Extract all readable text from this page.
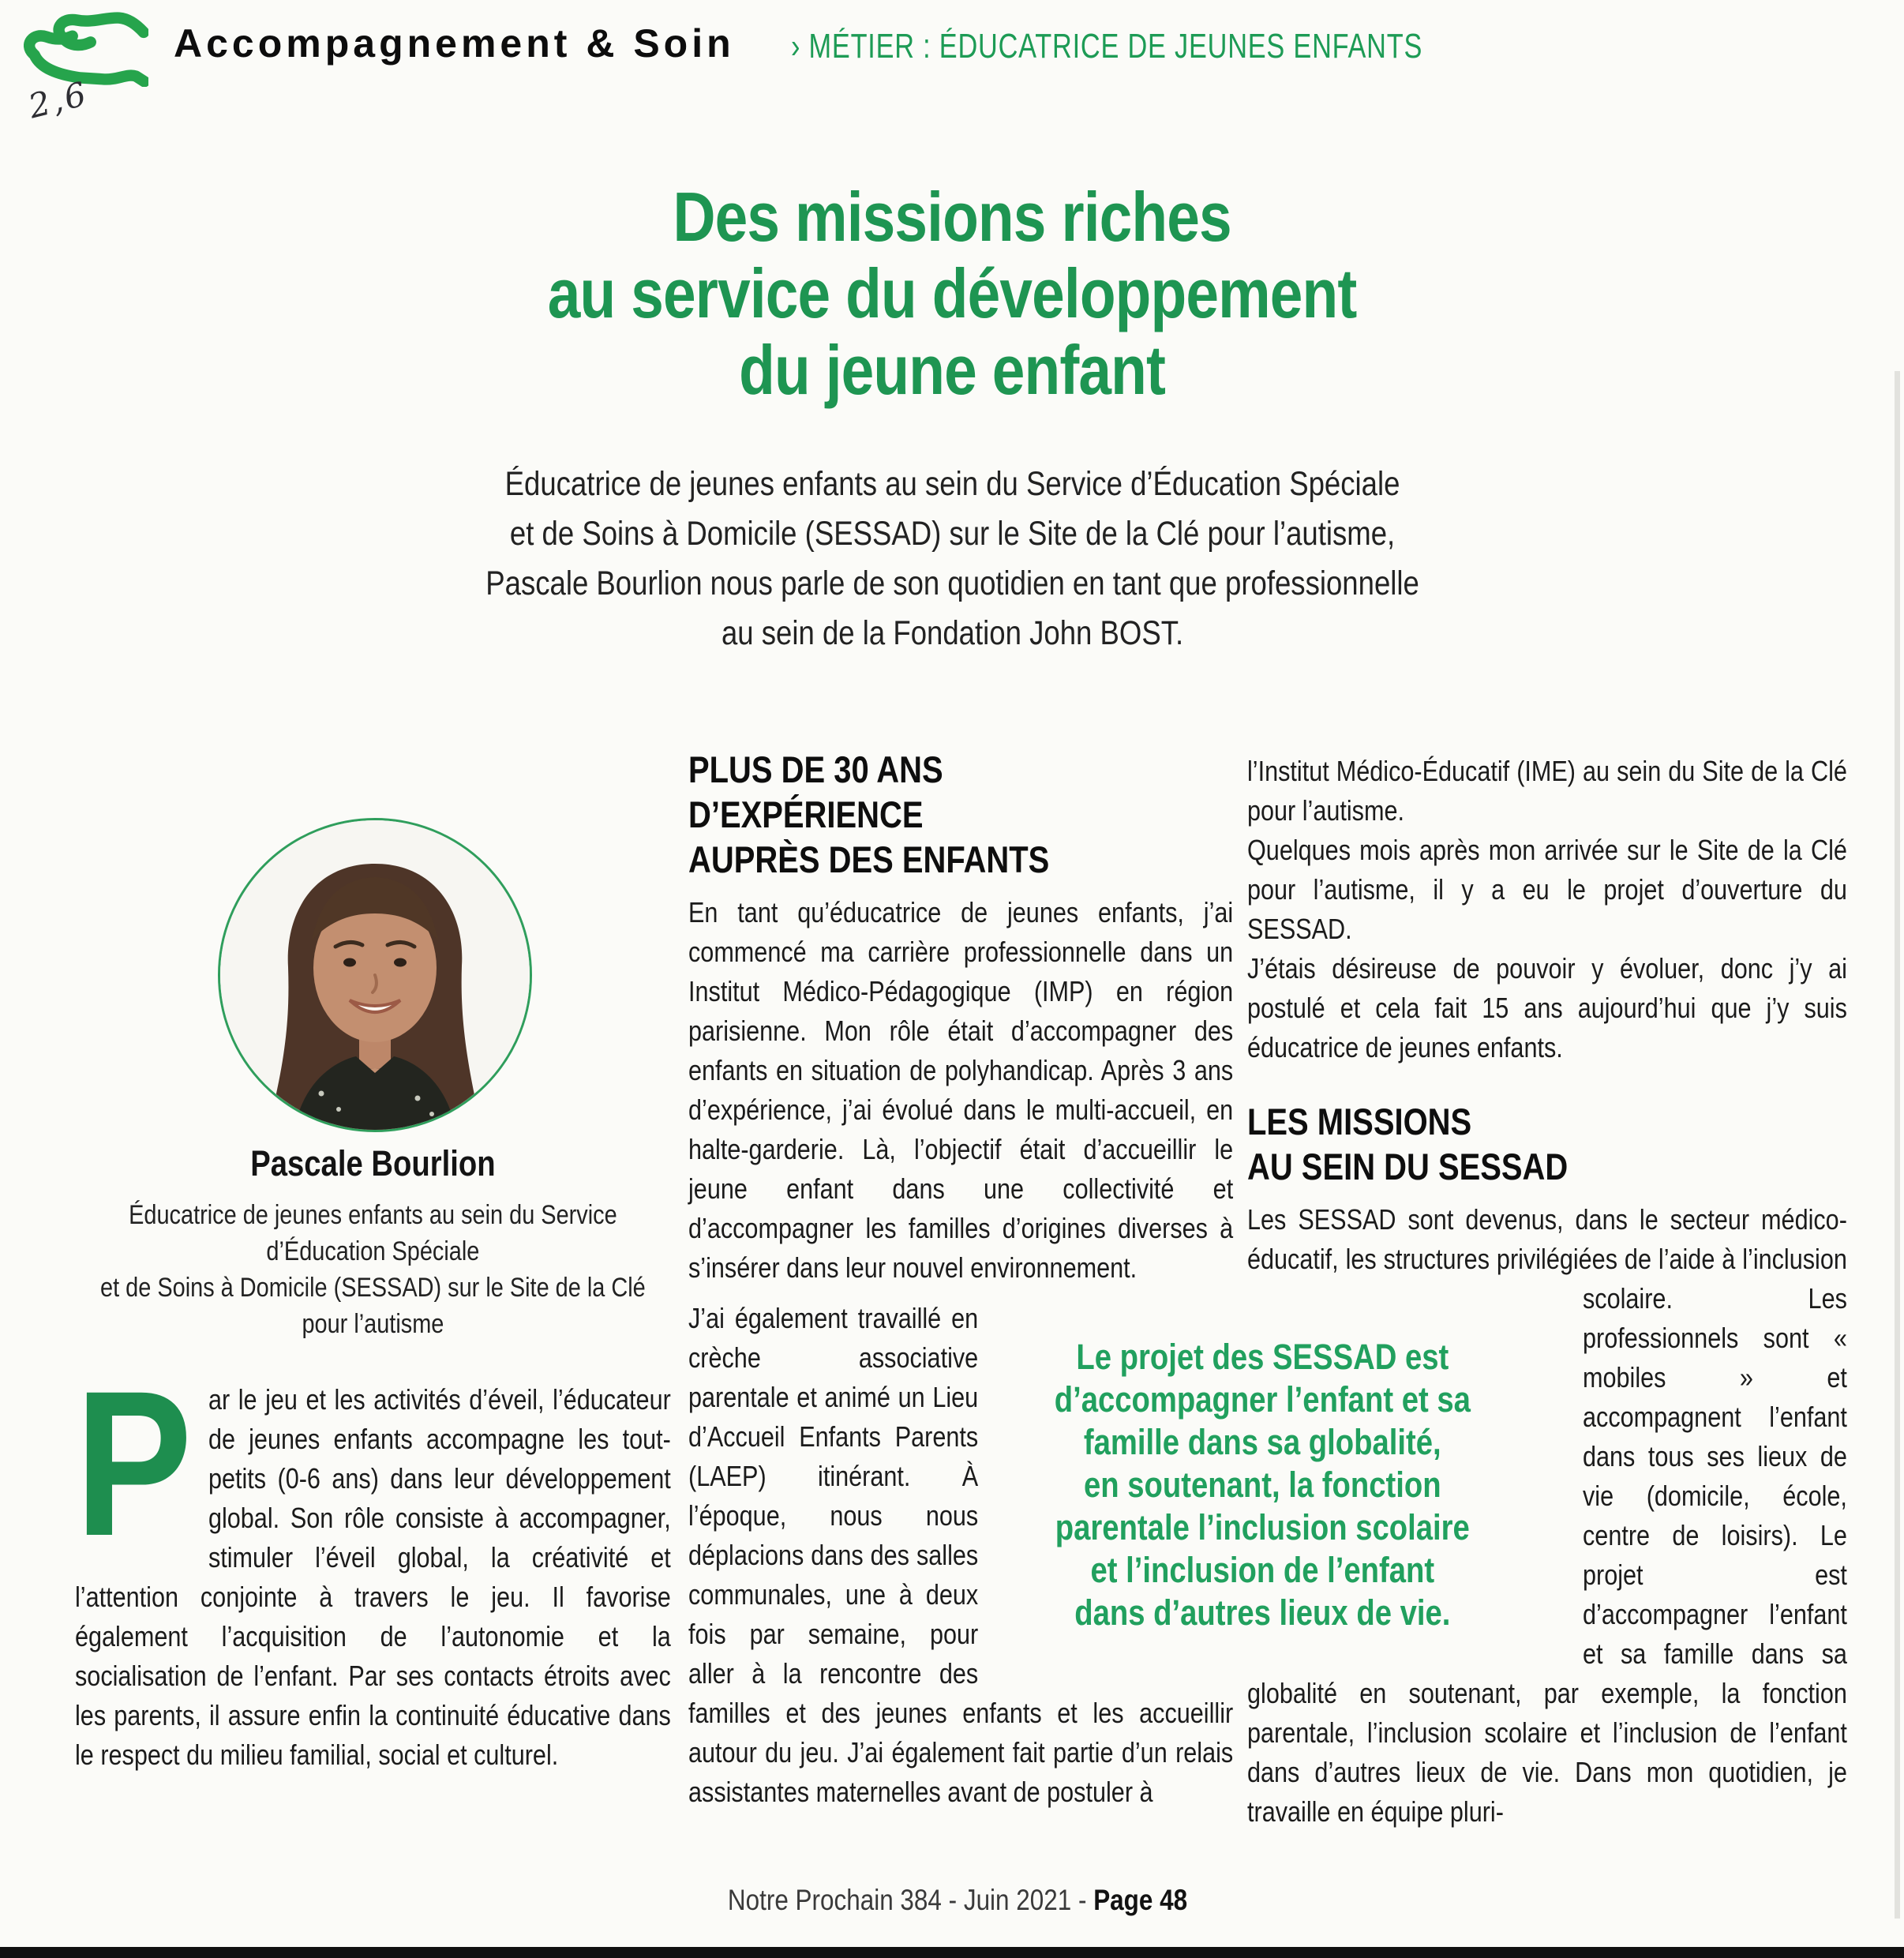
2,6
Accompagnement & Soin › MÉTIER : ÉDUCATRICE DE JEUNES ENFANTS
Des missions riches
au service du développement
du jeune enfant
Éducatrice de jeunes enfants au sein du Service d’Éducation Spéciale
et de Soins à Domicile (SESSAD) sur le Site de la Clé pour l’autisme,
Pascale Bourlion nous parle de son quotidien en tant que professionnelle
au sein de la Fondation John BOST.
Pascale Bourlion
Éducatrice de jeunes enfants au sein du Service
d’Éducation Spéciale
et de Soins à Domicile (SESSAD) sur le Site de la Clé
pour l’autisme

Par le jeu et les activités d’éveil, l’éducateur de jeunes enfants accompagne les tout-petits (0-6 ans) dans leur développement global. Son rôle consiste à accompagner, stimuler l’éveil global, la créativité et l’attention conjointe à travers le jeu. Il favorise également l’acquisition de l’autonomie et la socialisation de l’enfant. Par ses contacts étroits avec les parents, il assure enfin la continuité éducative dans le respect du milieu familial, social et culturel.

PLUS DE 30 ANS
D’EXPÉRIENCE
AUPRÈS DES ENFANTS

En tant qu’éducatrice de jeunes enfants, j’ai commencé ma carrière professionnelle dans un Institut Médico-Pédagogique (IMP) en région parisienne. Mon rôle était d’accompagner des enfants en situation de polyhandicap. Après 3 ans d’expérience, j’ai évolué dans le multi-accueil, en halte-garderie. Là, l’objectif était d’accueillir le jeune enfant dans une collectivité et d’accompagner les familles d’origines diverses à s’insérer dans leur nouvel environnement.

J’ai également travaillé en crèche associative parentale et animé un Lieu d’Accueil Enfants Parents (LAEP) itinérant. À l’époque, nous nous déplacions dans des salles communales, une à deux fois par semaine, pour aller à la rencontre des familles et des jeunes enfants et les accueillir autour du jeu. J’ai également fait partie d’un relais assistantes maternelles avant de postuler à

l’Institut Médico-Éducatif (IME) au sein du Site de la Clé pour l’autisme.

Quelques mois après mon arrivée sur le Site de la Clé pour l’autisme, il y a eu le projet d’ouverture du SESSAD.

J’étais désireuse de pouvoir y évoluer, donc j’y ai postulé et cela fait 15 ans aujourd’hui que j’y suis éducatrice de jeunes enfants.

LES MISSIONS
AU SEIN DU SESSAD

Les SESSAD sont devenus, dans le secteur médico-éducatif, les structures privilégiées de l’aide à l’inclusion scolaire. Les
professionnels sont « mobiles » et accompagnent l’enfant dans tous ses lieux de vie (domicile, école, centre de loisirs). Le projet est d’accompagner l’enfant et sa famille dans sa globalité en soutenant, par exemple, la fonction parentale, l’inclusion scolaire et l’inclusion de l’enfant dans d’autres lieux de vie. Dans mon quotidien, je travaille en équipe pluri-

Le projet des SESSAD est
d’accompagner l’enfant et sa
famille dans sa globalité,
en soutenant, la fonction
parentale l’inclusion scolaire
et l’inclusion de l’enfant
dans d’autres lieux de vie.
Notre Prochain 384 - Juin 2021 - Page 48
